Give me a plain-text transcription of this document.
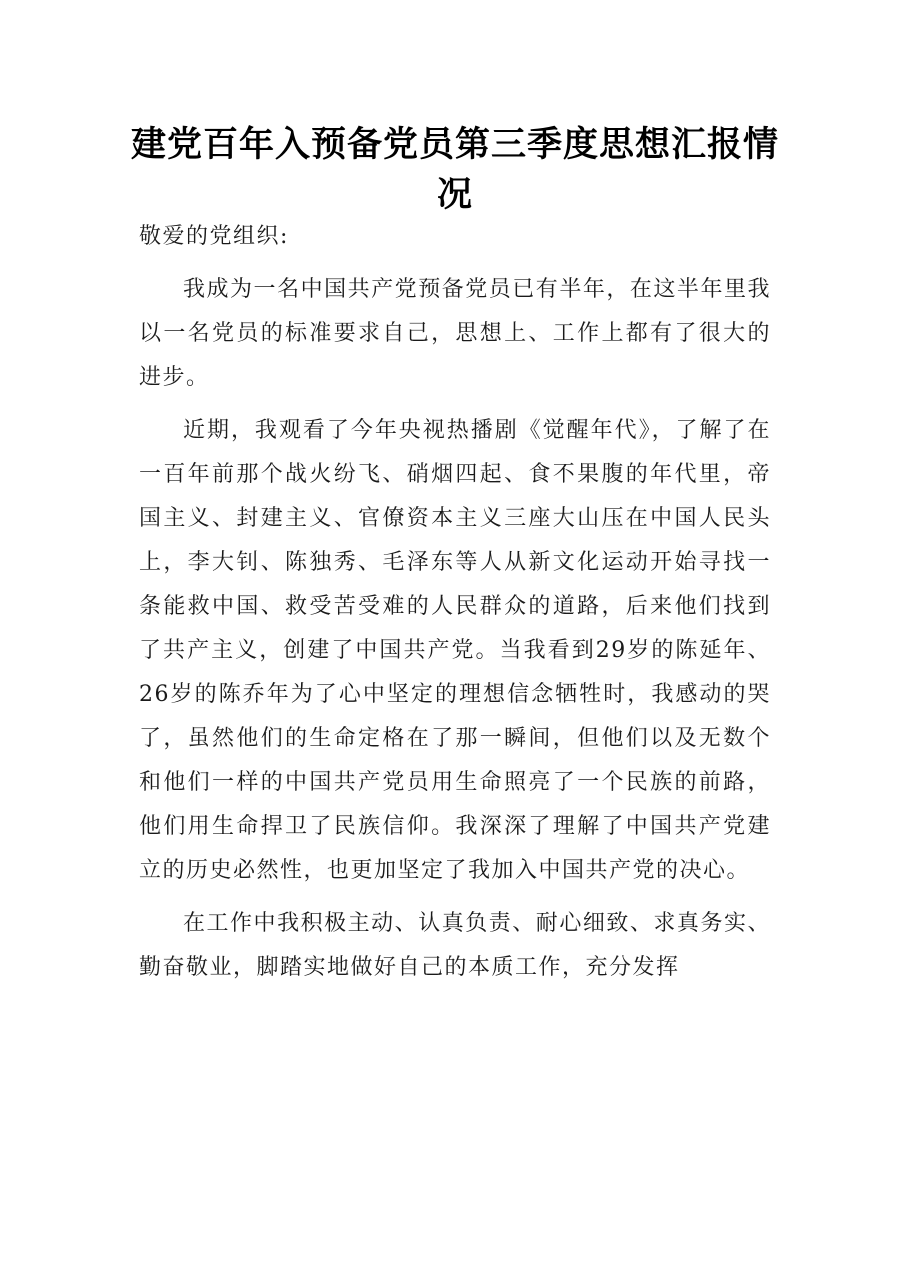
建党百年入预备党员第三季度思想汇报情况

敬爱的党组织:

我成为一名中国共产党预备党员已有半年，在这半年里我以一名党员的标准要求自己，思想上、工作上都有了很大的进步。

近期，我观看了今年央视热播剧《觉醒年代》，了解了在一百年前那个战火纷飞、硝烟四起、食不果腹的年代里，帝国主义、封建主义、官僚资本主义三座大山压在中国人民头上，李大钊、陈独秀、毛泽东等人从新文化运动开始寻找一条能救中国、救受苦受难的人民群众的道路，后来他们找到了共产主义，创建了中国共产党。当我看到29岁的陈延年、26岁的陈乔年为了心中坚定的理想信念牺牲时，我感动的哭了，虽然他们的生命定格在了那一瞬间，但他们以及无数个和他们一样的中国共产党员用生命照亮了一个民族的前路，他们用生命捍卫了民族信仰。我深深了理解了中国共产党建立的历史必然性，也更加坚定了我加入中国共产党的决心。

在工作中我积极主动、认真负责、耐心细致、求真务实、勤奋敬业，脚踏实地做好自己的本质工作，充分发挥
